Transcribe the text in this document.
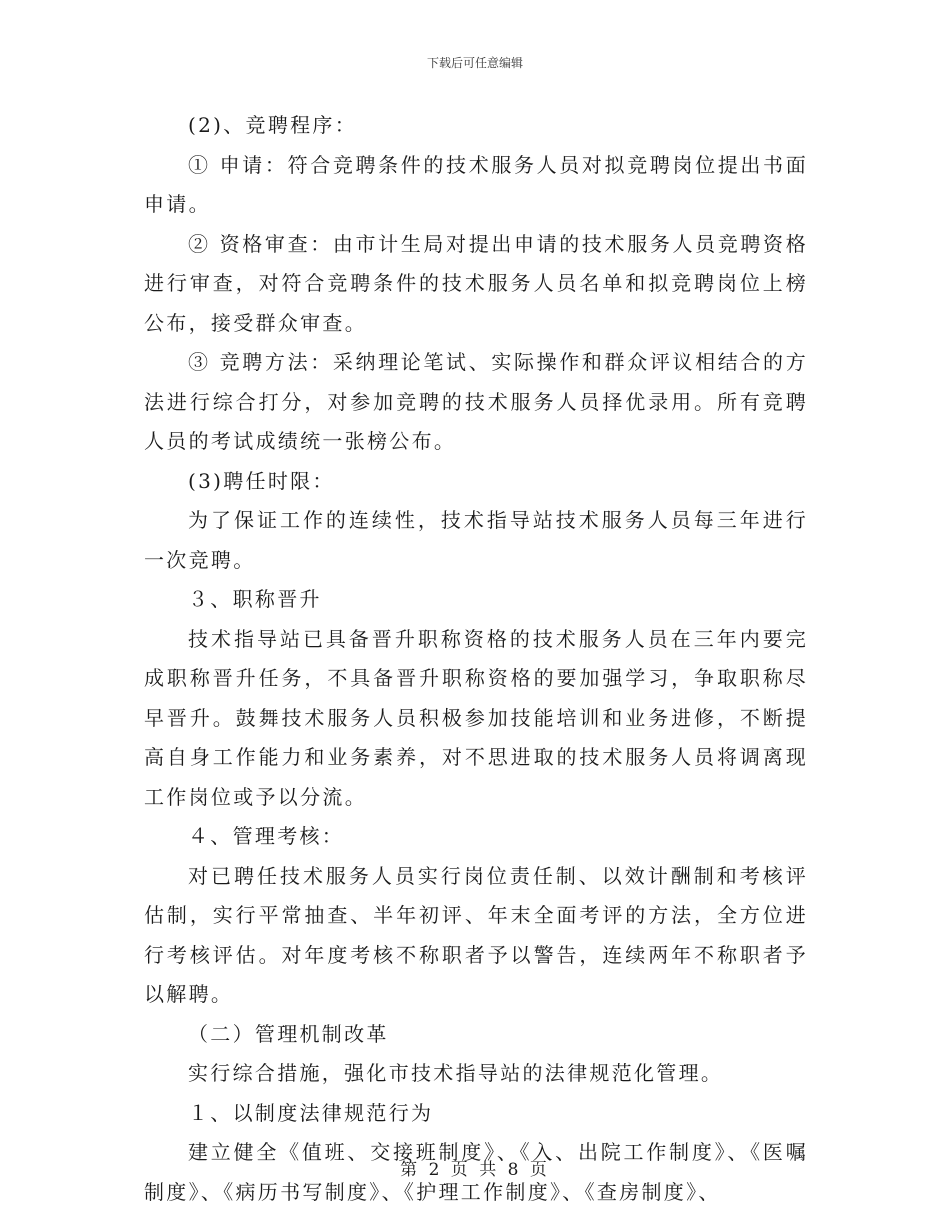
下载后可任意编辑

(2)、竞聘程序：

① 申请：符合竞聘条件的技术服务人员对拟竞聘岗位提出书面申请。

② 资格审查：由市计生局对提出申请的技术服务人员竞聘资格进行审查，对符合竞聘条件的技术服务人员名单和拟竞聘岗位上榜公布，接受群众审查。

③ 竞聘方法：采纳理论笔试、实际操作和群众评议相结合的方法进行综合打分，对参加竞聘的技术服务人员择优录用。所有竞聘人员的考试成绩统一张榜公布。

(3)聘任时限：

为了保证工作的连续性，技术指导站技术服务人员每三年进行一次竞聘。

３、职称晋升

技术指导站已具备晋升职称资格的技术服务人员在三年内要完成职称晋升任务，不具备晋升职称资格的要加强学习，争取职称尽早晋升。鼓舞技术服务人员积极参加技能培训和业务进修，不断提高自身工作能力和业务素养，对不思进取的技术服务人员将调离现工作岗位或予以分流。

４、管理考核：

对已聘任技术服务人员实行岗位责任制、以效计酬制和考核评估制，实行平常抽查、半年初评、年末全面考评的方法，全方位进行考核评估。对年度考核不称职者予以警告，连续两年不称职者予以解聘。

（二）管理机制改革

实行综合措施，强化市技术指导站的法律规范化管理。

１、以制度法律规范行为

建立健全《值班、交接班制度》、《入、出院工作制度》、《医嘱制度》、《病历书写制度》、《护理工作制度》、《查房制度》、

第 2 页 共 8 页
